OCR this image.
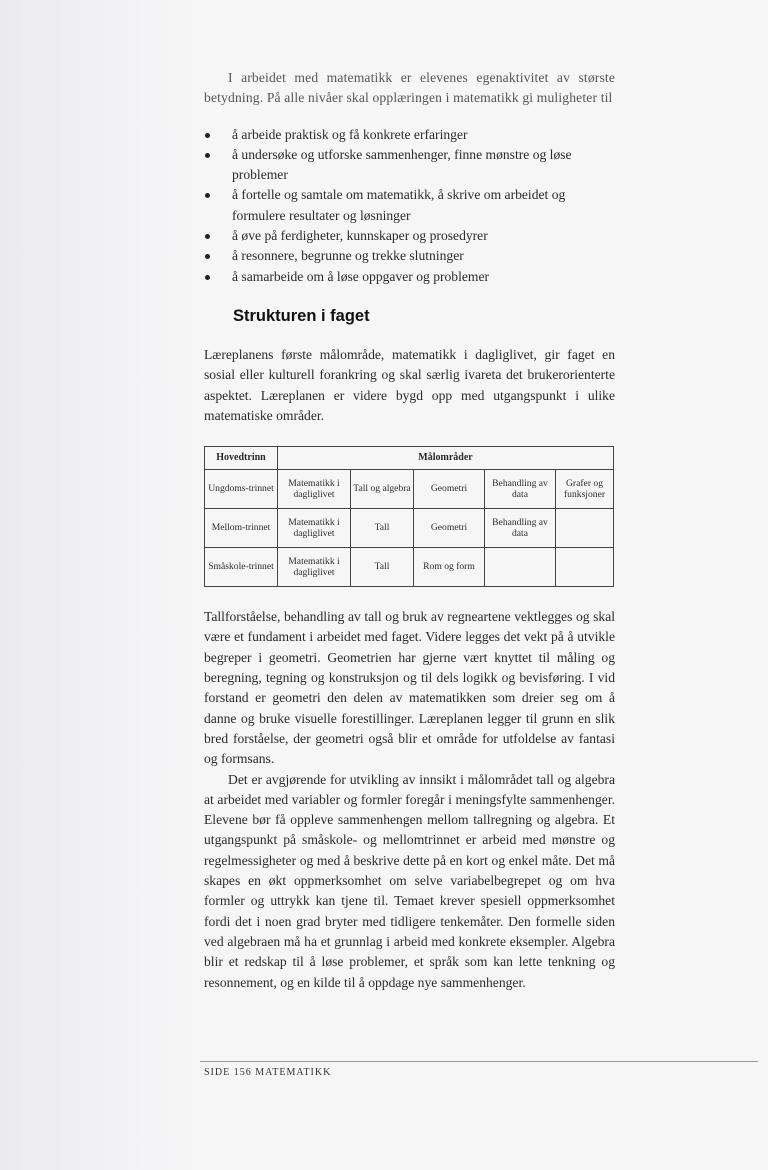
I arbeidet med matematikk er elevenes egenaktivitet av største betydning. På alle nivåer skal opplæringen i matematikk gi muligheter til

å arbeide praktisk og få konkrete erfaringer
å undersøke og utforske sammenhenger, finne mønstre og løse problemer
å fortelle og samtale om matematikk, å skrive om arbeidet og formulere resultater og løsninger
å øve på ferdigheter, kunnskaper og prosedyrer
å resonnere, begrunne og trekke slutninger
å samarbeide om å løse oppgaver og problemer
Strukturen i faget

Læreplanens første målområde, matematikk i dagliglivet, gir faget en sosial eller kulturell forankring og skal særlig ivareta det brukerorienterte aspektet. Læreplanen er videre bygd opp med utgangspunkt i ulike matematiske områder.

Hovedtrinn	Målområder				
Ungdoms-trinnet	Matematikk i dagliglivet	Tall og algebra	Geometri	Behandling av data	Grafer og funksjoner
Mellom-trinnet	Matematikk i dagliglivet	Tall	Geometri	Behandling av data	
Småskole-trinnet	Matematikk i dagliglivet	Tall	Rom og form		

Tallforståelse, behandling av tall og bruk av regneartene vektlegges og skal være et fundament i arbeidet med faget. Videre legges det vekt på å utvikle begreper i geometri. Geometrien har gjerne vært knyttet til måling og beregning, tegning og konstruksjon og til dels logikk og bevisføring. I vid forstand er geometri den delen av matematikken som dreier seg om å danne og bruke visuelle forestillinger. Læreplanen legger til grunn en slik bred forståelse, der geometri også blir et område for utfoldelse av fantasi og formsans.

Det er avgjørende for utvikling av innsikt i målområdet tall og algebra at arbeidet med variabler og formler foregår i meningsfylte sammenhenger. Elevene bør få oppleve sammenhengen mellom tallregning og algebra. Et utgangspunkt på småskole- og mellomtrinnet er arbeid med mønstre og regelmessigheter og med å beskrive dette på en kort og enkel måte. Det må skapes en økt oppmerksomhet om selve variabelbegrepet og om hva formler og uttrykk kan tjene til. Temaet krever spesiell oppmerksomhet fordi det i noen grad bryter med tidligere tenkemåter. Den formelle siden ved algebraen må ha et grunnlag i arbeid med konkrete eksempler. Algebra blir et redskap til å løse problemer, et språk som kan lette tenkning og resonnement, og en kilde til å oppdage nye sammenhenger.

SIDE 156 MATEMATIKK
